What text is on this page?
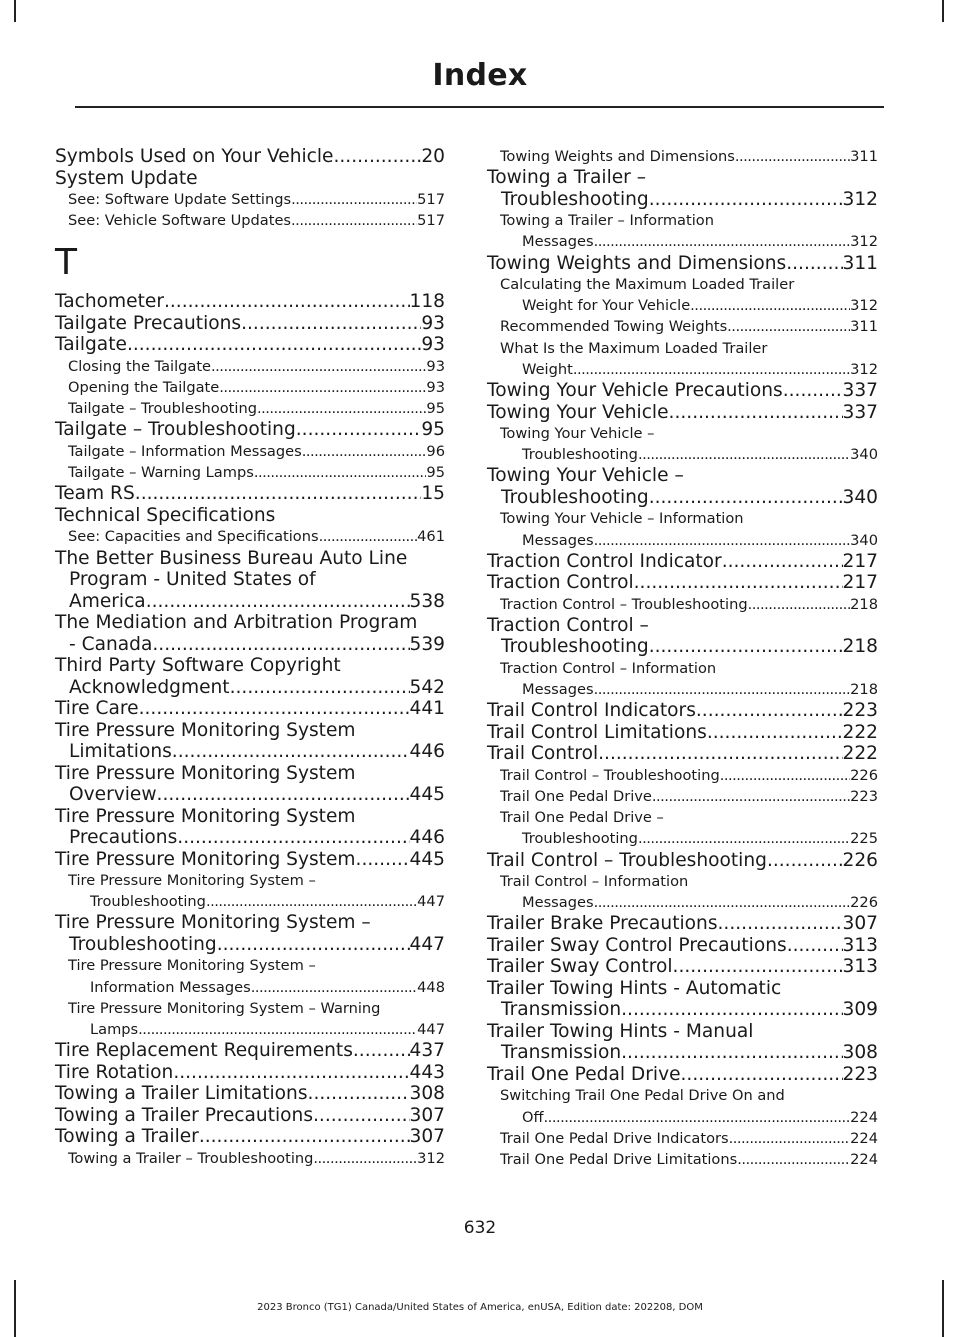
Index
Symbols Used on Your Vehicle .....	20
System Update
See: Software Update Settings .....	517
See: Vehicle Software Updates .....	517
T
Tachometer .....	118
Tailgate Precautions .....	93
Tailgate .....	93
Closing the Tailgate .....	93
Opening the Tailgate .....	93
Tailgate – Troubleshooting .....	95
Tailgate – Troubleshooting .....	95
Tailgate – Information Messages .....	96
Tailgate – Warning Lamps .....	95
Team RS .....	15
Technical Specifications
See: Capacities and Specifications .....	461
The Better Business Bureau Auto Line
Program - United States of
America .....	538
The Mediation and Arbitration Program
- Canada .....	539
Third Party Software Copyright
Acknowledgment .....	542
Tire Care .....	441
Tire Pressure Monitoring System
Limitations .....	446
Tire Pressure Monitoring System
Overview .....	445
Tire Pressure Monitoring System
Precautions .....	446
Tire Pressure Monitoring System .....	445
Tire Pressure Monitoring System –
Troubleshooting .....	447
Tire Pressure Monitoring System –
Troubleshooting .....	447
Tire Pressure Monitoring System –
Information Messages .....	448
Tire Pressure Monitoring System – Warning
Lamps .....	447
Tire Replacement Requirements .....	437
Tire Rotation .....	443
Towing a Trailer Limitations .....	308
Towing a Trailer Precautions .....	307
Towing a Trailer .....	307
Towing a Trailer – Troubleshooting .....	312
Towing Weights and Dimensions .....	311
Towing a Trailer –
Troubleshooting .....	312
Towing a Trailer – Information
Messages .....	312
Towing Weights and Dimensions .....	311
Calculating the Maximum Loaded Trailer
Weight for Your Vehicle .....	312
Recommended Towing Weights .....	311
What Is the Maximum Loaded Trailer
Weight .....	312
Towing Your Vehicle Precautions .....	337
Towing Your Vehicle .....	337
Towing Your Vehicle –
Troubleshooting .....	340
Towing Your Vehicle –
Troubleshooting .....	340
Towing Your Vehicle – Information
Messages .....	340
Traction Control Indicator .....	217
Traction Control .....	217
Traction Control – Troubleshooting .....	218
Traction Control –
Troubleshooting .....	218
Traction Control – Information
Messages .....	218
Trail Control Indicators .....	223
Trail Control Limitations .....	222
Trail Control .....	222
Trail Control – Troubleshooting .....	226
Trail One Pedal Drive .....	223
Trail One Pedal Drive –
Troubleshooting .....	225
Trail Control – Troubleshooting .....	226
Trail Control – Information
Messages .....	226
Trailer Brake Precautions .....	307
Trailer Sway Control Precautions .....	313
Trailer Sway Control .....	313
Trailer Towing Hints - Automatic
Transmission .....	309
Trailer Towing Hints - Manual
Transmission .....	308
Trail One Pedal Drive .....	223
Switching Trail One Pedal Drive On and
Off .....	224
Trail One Pedal Drive Indicators .....	224
Trail One Pedal Drive Limitations .....	224
632
2023 Bronco (TG1) Canada/United States of America, enUSA, Edition date: 202208, DOM
